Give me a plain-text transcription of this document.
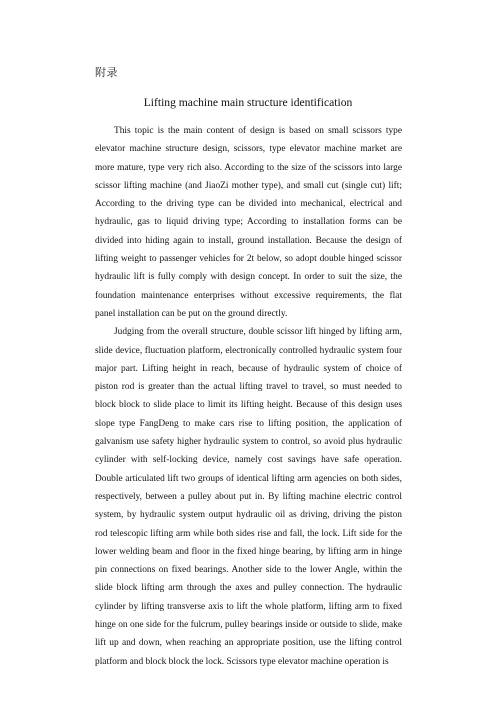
附录
Lifting machine main structure identification

This topic is the main content of design is based on small scissors type elevator machine structure design, scissors, type elevator machine market are more mature, type very rich also. According to the size of the scissors into large scissor lifting machine (and JiaoZi mother type), and small cut (single cut) lift; According to the driving type can be divided into mechanical, electrical and hydraulic, gas to liquid driving type; According to installation forms can be divided into hiding again to install, ground installation. Because the design of lifting weight to passenger vehicles for 2t below, so adopt double hinged scissor hydraulic lift is fully comply with design concept. In order to suit the size, the foundation maintenance enterprises without excessive requirements, the flat panel installation can be put on the ground directly.

Judging from the overall structure, double scissor lift hinged by lifting arm, slide device, fluctuation platform, electronically controlled hydraulic system four major part. Lifting height in reach, because of hydraulic system of choice of piston rod is greater than the actual lifting travel to travel, so must needed to block block to slide place to limit its lifting height. Because of this design uses slope type FangDeng to make cars rise to lifting position, the application of galvanism use safety higher hydraulic system to control, so avoid plus hydraulic cylinder with self-locking device, namely cost savings have safe operation. Double articulated lift two groups of identical lifting arm agencies on both sides, respectively, between a pulley about put in. By lifting machine electric control system, by hydraulic system output hydraulic oil as driving, driving the piston rod telescopic lifting arm while both sides rise and fall, the lock. Lift side for the lower welding beam and floor in the fixed hinge bearing, by lifting arm in hinge pin connections on fixed bearings. Another side to the lower Angle, within the slide block lifting arm through the axes and pulley connection. The hydraulic cylinder by lifting transverse axis to lift the whole platform, lifting arm to fixed hinge on one side for the fulcrum, pulley bearings inside or outside to slide, make lift up and down, when reaching an appropriate position, use the lifting control platform and block block the lock. Scissors type elevator machine operation is
